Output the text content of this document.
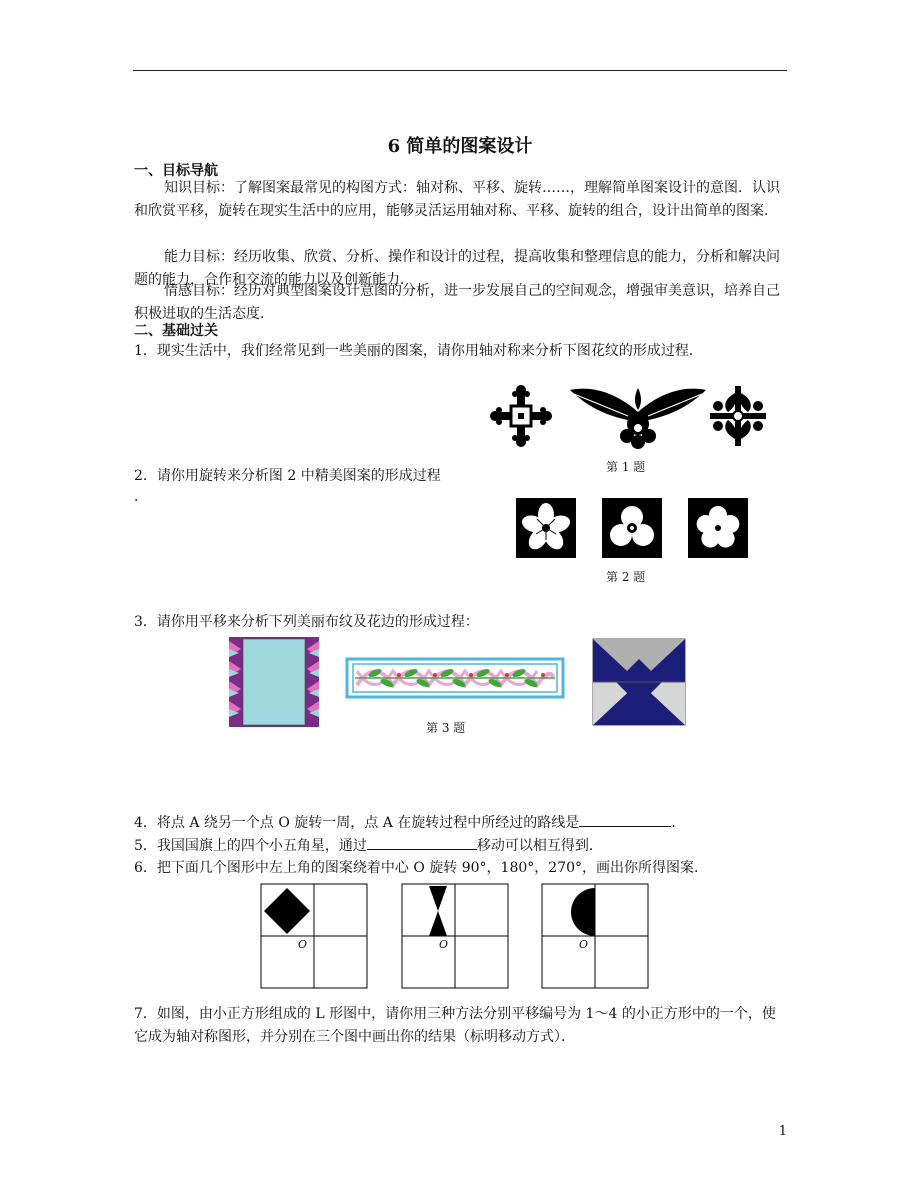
6 简单的图案设计
一、目标导航
知识目标：了解图案最常见的构图方式：轴对称、平移、旋转……，理解简单图案设计的意图．认识和欣赏平移，旋转在现实生活中的应用，能够灵活运用轴对称、平移、旋转的组合，设计出简单的图案．
能力目标：经历收集、欣赏、分析、操作和设计的过程，提高收集和整理信息的能力，分析和解决问题的能力，合作和交流的能力以及创新能力．
情感目标：经历对典型图案设计意图的分析，进一步发展自己的空间观念，增强审美意识，培养自己积极进取的生活态度．
二、基础过关
1．现实生活中，我们经常见到一些美丽的图案，请你用轴对称来分析下图花纹的形成过程．
第 1 题
2．请你用旋转来分析图 2 中精美图案的形成过程
．
第 2 题
3．请你用平移来分析下列美丽布纹及花边的形成过程：
第 3 题
4．将点 A 绕另一个点 O 旋转一周，点 A 在旋转过程中所经过的路线是	．
5．我国国旗上的四个小五角星，通过	移动可以相互得到．
6．把下面几个图形中左上角的图案绕着中心 O 旋转 90°，180°，270°，画出你所得图案．
O	O	O
7．如图，由小正方形组成的 L 形图中，请你用三种方法分别平移编号为 1～4 的小正方形中的一个，使它成为轴对称图形，并分别在三个图中画出你的结果（标明移动方式）．
1
